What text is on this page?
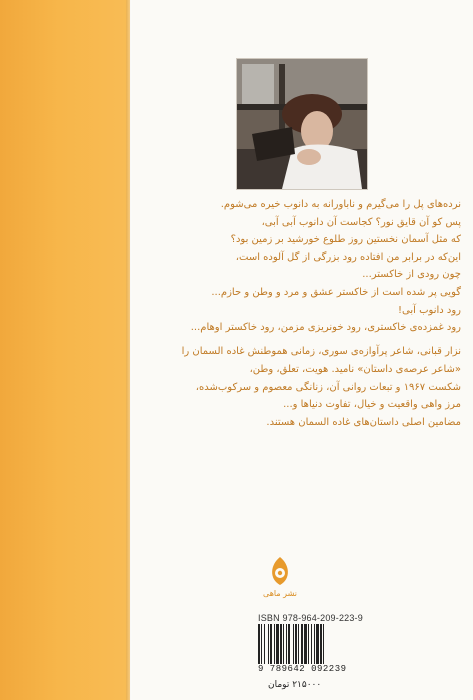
نرده‌های پل را می‌گیرم و ناباورانه به دانوب خیره می‌شوم.
پس کو آن قایق نور؟ کجاست آن دانوب آبی آبی،
که مثل آسمان نخستین روز طلوع خورشید بر زمین بود؟
این‌که در برابر من افتاده رود بزرگی از گل آلوده است،
چون رودی از خاکستر...
گویی پر شده است از خاکستر عشق و مرد و وطن و حازم...
رود دانوب آبی!
رود غمزده‌ی خاکستری، رود خونریزی مزمن، رود خاکستر اوهام...
نزار قبانی، شاعر پرآوازه‌ی سوری، زمانی هموطنش غاده السمان را
«شاعر عرصه‌ی داستان» نامید. هویت، تعلق، وطن،
شکست ۱۹۶۷ و تبعات روانی آن، زنانگی معصوم و سرکوب‌شده،
مرز واهی واقعیت و خیال، تفاوت دنیاها و...
مضامین اصلی داستان‌های غاده السمان هستند.
نشر ماهی
ISBN 978-964-209-223-9
9 789642 092239
۲۱۵۰۰۰ تومان
